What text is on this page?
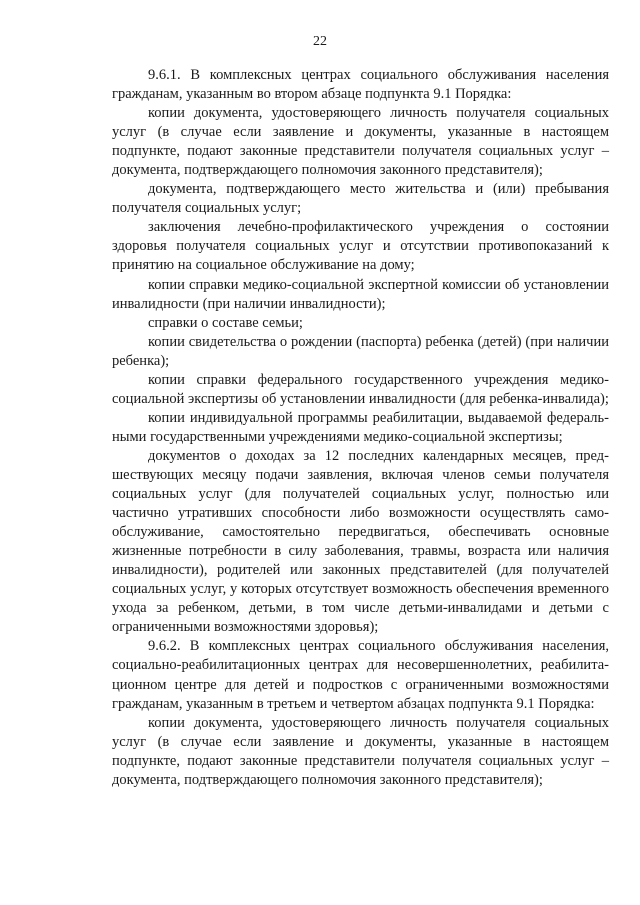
22

9.6.1. В комплексных центрах социального обслуживания населения гражданам, указанным во втором абзаце подпункта 9.1 Порядка:

копии документа, удостоверяющего личность получателя социальных услуг (в случае если заявление и документы, указанные в настоящем подпункте, подают законные представители получателя социальных услуг – документа, подтверждающего полномочия законного представителя);

документа, подтверждающего место жительства и (или) пребывания получателя социальных услуг;

заключения лечебно-профилактического учреждения о состоянии здоровья получателя социальных услуг и отсутствии противопоказаний к принятию на социальное обслуживание на дому;

копии справки медико-социальной экспертной комиссии об установлении инвалидности (при наличии инвалидности);

справки о составе семьи;

копии свидетельства о рождении (паспорта) ребенка (детей) (при наличии ребенка);

копии справки федерального государственного учреждения медико-социальной экспертизы об установлении инвалидности (для ребенка-инвалида);

копии индивидуальной программы реабилитации, выдаваемой федеральными государственными учреждениями медико-социальной экспертизы;

документов о доходах за 12 последних календарных месяцев, предшествующих месяцу подачи заявления, включая членов семьи получателя социальных услуг (для получателей социальных услуг, полностью или частично утративших способности либо возможности осуществлять самообслуживание, самостоятельно передвигаться, обеспечивать основные жизненные потребности в силу заболевания, травмы, возраста или наличия инвалидности), родителей или законных представителей (для получателей социальных услуг, у которых отсутствует возможность обеспечения временного ухода за ребенком, детьми, в том числе детьми-инвалидами и детьми с ограниченными возможностями здоровья);

9.6.2. В комплексных центрах социального обслуживания населения, социально-реабилитационных центрах для несовершеннолетних, реабилитационном центре для детей и подростков с ограниченными возможностями гражданам, указанным в третьем и четвертом абзацах подпункта 9.1 Порядка:

копии документа, удостоверяющего личность получателя социальных услуг (в случае если заявление и документы, указанные в настоящем подпункте, подают законные представители получателя социальных услуг – документа, подтверждающего полномочия законного представителя);
